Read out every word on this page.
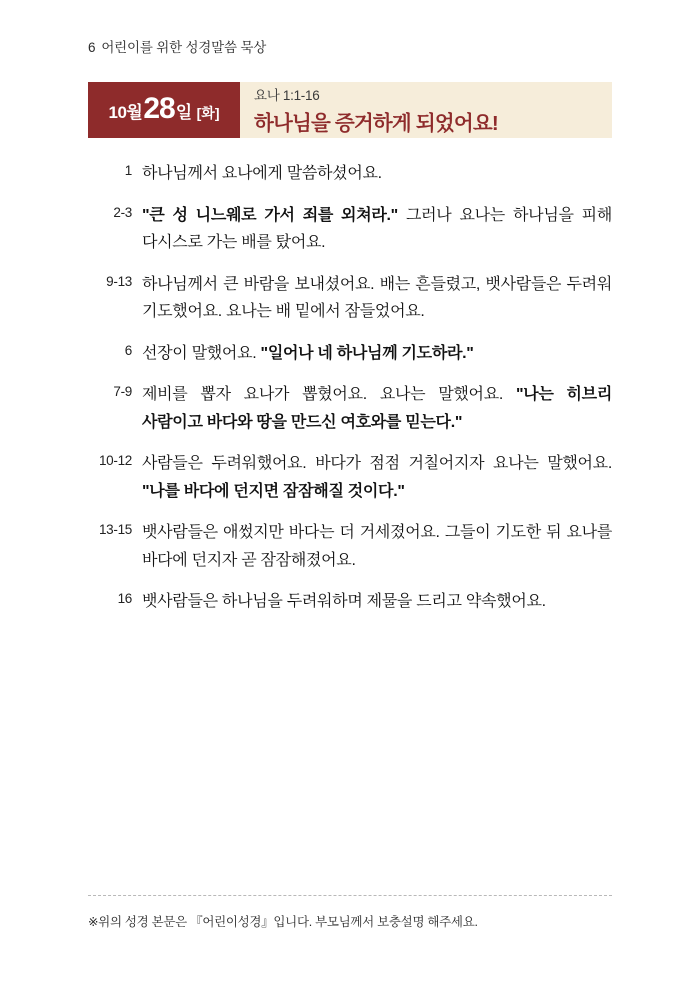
6 어린이를 위한 성경말씀 묵상
10월 28 일 [화]
요나 1:1-16
하나님을 증거하게 되었어요!
1 하나님께서 요나에게 말씀하셨어요.
2-3 "큰 성 니느웨로 가서 죄를 외쳐라." 그러나 요나는 하나님을 피해 다시스로 가는 배를 탔어요.
9-13 하나님께서 큰 바람을 보내셨어요. 배는 흔들렸고, 뱃사람들은 두려워 기도했어요. 요나는 배 밑에서 잠들었어요.
6 선장이 말했어요. "일어나 네 하나님께 기도하라."
7-9 제비를 뽑자 요나가 뽑혔어요. 요나는 말했어요. "나는 히브리 사람이고 바다와 땅을 만드신 여호와를 믿는다."
10-12 사람들은 두려워했어요. 바다가 점점 거칠어지자 요나는 말했어요. "나를 바다에 던지면 잠잠해질 것이다."
13-15 뱃사람들은 애썼지만 바다는 더 거세졌어요. 그들이 기도한 뒤 요나를 바다에 던지자 곧 잠잠해졌어요.
16 뱃사람들은 하나님을 두려워하며 제물을 드리고 약속했어요.
※위의 성경 본문은 『어린이성경』입니다. 부모님께서 보충설명 해주세요.
